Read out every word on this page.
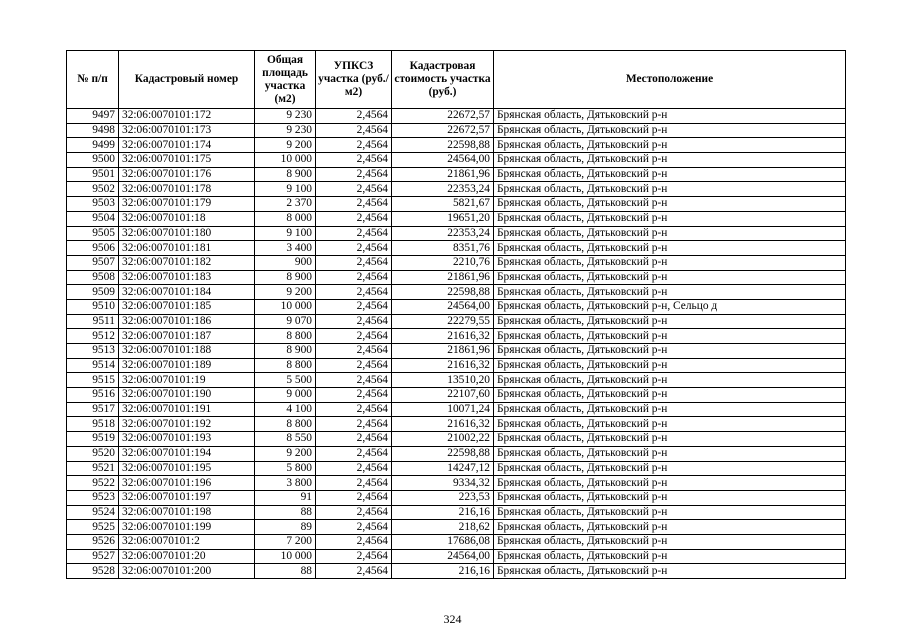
№ п/п	Кадастровый номер	Общая площадь участка (м2)	УПКСЗ участка (руб./м2)	Кадастровая стоимость участка (руб.)	Местоположение
9497	32:06:0070101:172	9 230	2,4564	22672,57	Брянская область, Дятьковский р-н
9498	32:06:0070101:173	9 230	2,4564	22672,57	Брянская область, Дятьковский р-н
9499	32:06:0070101:174	9 200	2,4564	22598,88	Брянская область, Дятьковский р-н
9500	32:06:0070101:175	10 000	2,4564	24564,00	Брянская область, Дятьковский р-н
9501	32:06:0070101:176	8 900	2,4564	21861,96	Брянская область, Дятьковский р-н
9502	32:06:0070101:178	9 100	2,4564	22353,24	Брянская область, Дятьковский р-н
9503	32:06:0070101:179	2 370	2,4564	5821,67	Брянская область, Дятьковский р-н
9504	32:06:0070101:18	8 000	2,4564	19651,20	Брянская область, Дятьковский р-н
9505	32:06:0070101:180	9 100	2,4564	22353,24	Брянская область, Дятьковский р-н
9506	32:06:0070101:181	3 400	2,4564	8351,76	Брянская область, Дятьковский р-н
9507	32:06:0070101:182	900	2,4564	2210,76	Брянская область, Дятьковский р-н
9508	32:06:0070101:183	8 900	2,4564	21861,96	Брянская область, Дятьковский р-н
9509	32:06:0070101:184	9 200	2,4564	22598,88	Брянская область, Дятьковский р-н
9510	32:06:0070101:185	10 000	2,4564	24564,00	Брянская область, Дятьковский р-н, Сельцо д
9511	32:06:0070101:186	9 070	2,4564	22279,55	Брянская область, Дятьковский р-н
9512	32:06:0070101:187	8 800	2,4564	21616,32	Брянская область, Дятьковский р-н
9513	32:06:0070101:188	8 900	2,4564	21861,96	Брянская область, Дятьковский р-н
9514	32:06:0070101:189	8 800	2,4564	21616,32	Брянская область, Дятьковский р-н
9515	32:06:0070101:19	5 500	2,4564	13510,20	Брянская область, Дятьковский р-н
9516	32:06:0070101:190	9 000	2,4564	22107,60	Брянская область, Дятьковский р-н
9517	32:06:0070101:191	4 100	2,4564	10071,24	Брянская область, Дятьковский р-н
9518	32:06:0070101:192	8 800	2,4564	21616,32	Брянская область, Дятьковский р-н
9519	32:06:0070101:193	8 550	2,4564	21002,22	Брянская область, Дятьковский р-н
9520	32:06:0070101:194	9 200	2,4564	22598,88	Брянская область, Дятьковский р-н
9521	32:06:0070101:195	5 800	2,4564	14247,12	Брянская область, Дятьковский р-н
9522	32:06:0070101:196	3 800	2,4564	9334,32	Брянская область, Дятьковский р-н
9523	32:06:0070101:197	91	2,4564	223,53	Брянская область, Дятьковский р-н
9524	32:06:0070101:198	88	2,4564	216,16	Брянская область, Дятьковский р-н
9525	32:06:0070101:199	89	2,4564	218,62	Брянская область, Дятьковский р-н
9526	32:06:0070101:2	7 200	2,4564	17686,08	Брянская область, Дятьковский р-н
9527	32:06:0070101:20	10 000	2,4564	24564,00	Брянская область, Дятьковский р-н
9528	32:06:0070101:200	88	2,4564	216,16	Брянская область, Дятьковский р-н
324
